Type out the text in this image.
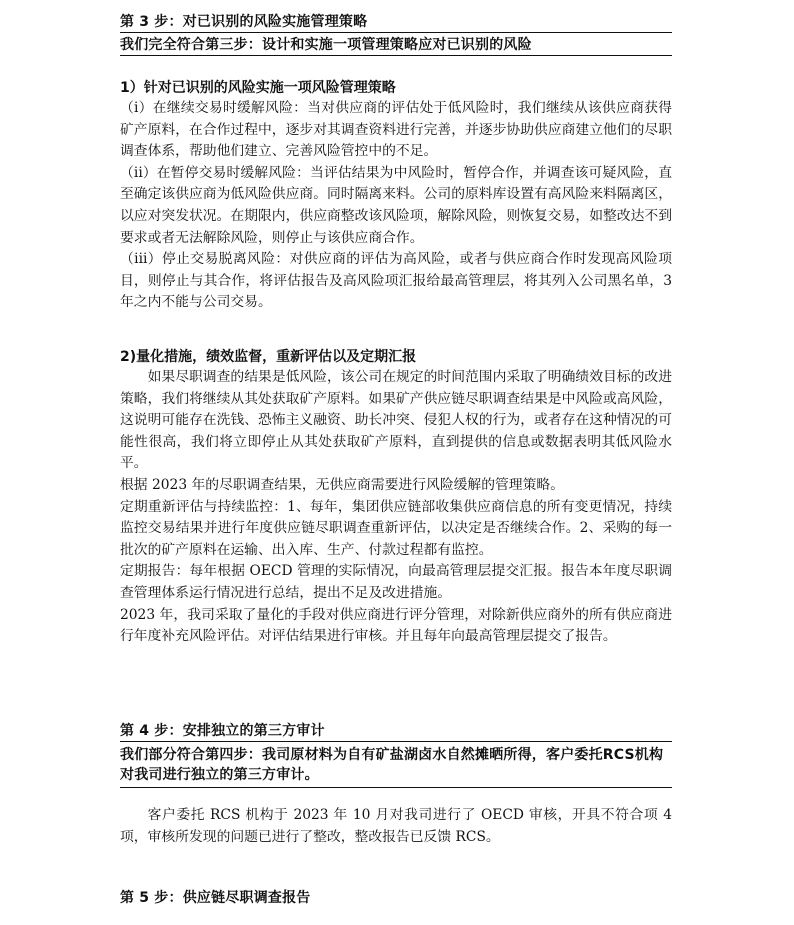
第 3 步：对已识别的风险实施管理策略
我们完全符合第三步：设计和实施一项管理策略应对已识别的风险
1）针对已识别的风险实施一项风险管理策略

（i）在继续交易时缓解风险：当对供应商的评估处于低风险时，我们继续从该供应商获得矿产原料，在合作过程中，逐步对其调查资料进行完善，并逐步协助供应商建立他们的尽职调查体系，帮助他们建立、完善风险管控中的不足。

（ii）在暂停交易时缓解风险：当评估结果为中风险时，暂停合作，并调查该可疑风险，直至确定该供应商为低风险供应商。同时隔离来料。公司的原料库设置有高风险来料隔离区，以应对突发状况。在期限内，供应商整改该风险项，解除风险，则恢复交易，如整改达不到要求或者无法解除风险，则停止与该供应商合作。

（iii）停止交易脱离风险：对供应商的评估为高风险，或者与供应商合作时发现高风险项目，则停止与其合作，将评估报告及高风险项汇报给最高管理层，将其列入公司黑名单，3 年之内不能与公司交易。

2)量化措施，绩效监督，重新评估以及定期汇报

如果尽职调查的结果是低风险，该公司在规定的时间范围内采取了明确绩效目标的改进策略，我们将继续从其处获取矿产原料。如果矿产供应链尽职调查结果是中风险或高风险，这说明可能存在洗钱、恐怖主义融资、助长冲突、侵犯人权的行为，或者存在这种情况的可能性很高，我们将立即停止从其处获取矿产原料，直到提供的信息或数据表明其低风险水平。

根据 2023 年的尽职调查结果，无供应商需要进行风险缓解的管理策略。

定期重新评估与持续监控：1、每年，集团供应链部收集供应商信息的所有变更情况，持续监控交易结果并进行年度供应链尽职调查重新评估，以决定是否继续合作。2、采购的每一批次的矿产原料在运输、出入库、生产、付款过程都有监控。

定期报告：每年根据 OECD 管理的实际情况，向最高管理层提交汇报。报告本年度尽职调查管理体系运行情况进行总结，提出不足及改进措施。

2023 年，我司采取了量化的手段对供应商进行评分管理，对除新供应商外的所有供应商进行年度补充风险评估。对评估结果进行审核。并且每年向最高管理层提交了报告。

第 4 步：安排独立的第三方审计
我们部分符合第四步：我司原材料为自有矿盐湖卤水自然摊晒所得，客户委托RCS机构对我司进行独立的第三方审计。

客户委托 RCS 机构于 2023 年 10 月对我司进行了 OECD 审核，开具不符合项 4 项，审核所发现的问题已进行了整改，整改报告已反馈 RCS。

第 5 步：供应链尽职调查报告
